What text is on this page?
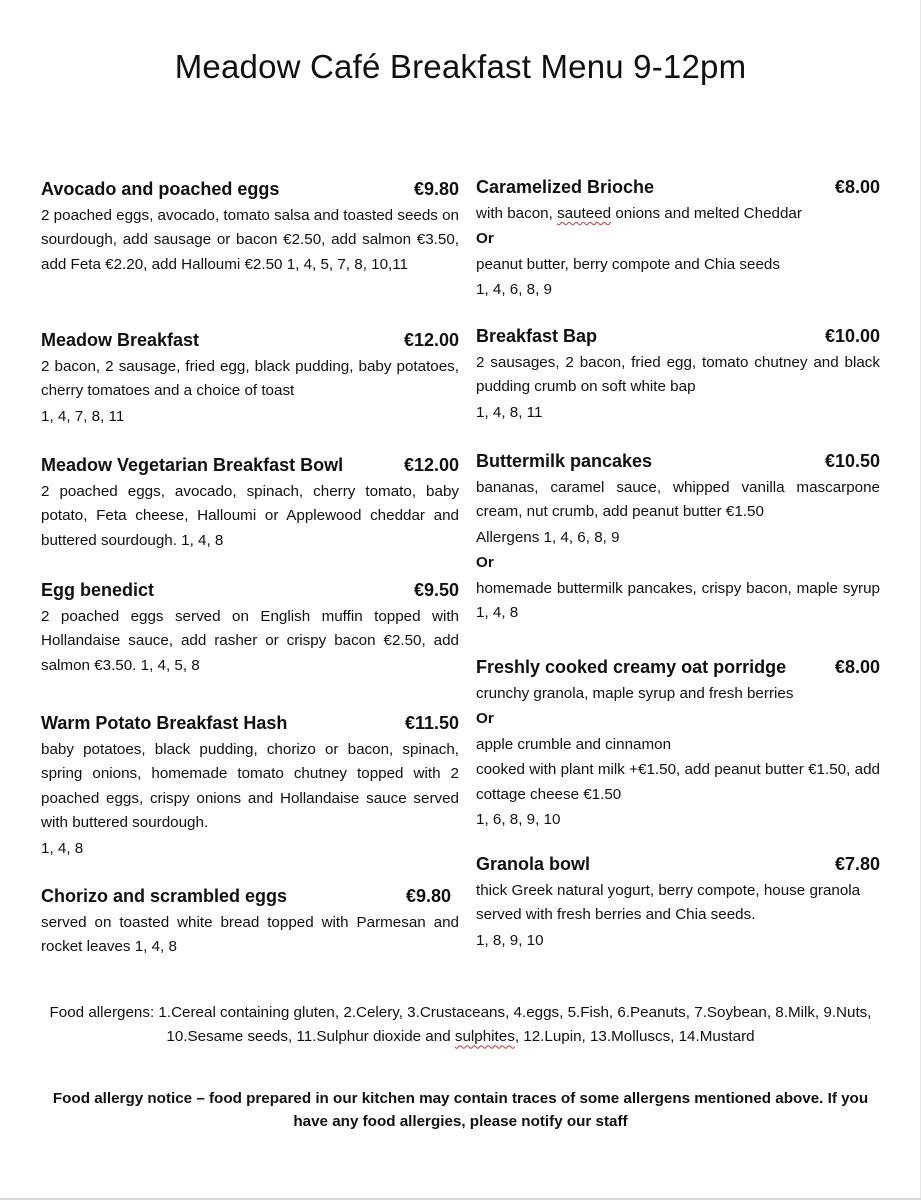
Meadow Café Breakfast Menu 9-12pm
Avocado and poached eggs	€9.80
2 poached eggs, avocado, tomato salsa and toasted seeds on sourdough, add sausage or bacon €2.50, add salmon €3.50, add Feta €2.20, add Halloumi €2.50 1, 4, 5, 7, 8, 10,11
Meadow Breakfast	€12.00
2 bacon, 2 sausage, fried egg, black pudding, baby potatoes, cherry tomatoes and a choice of toast
1, 4, 7, 8, 11
Meadow Vegetarian Breakfast Bowl	€12.00
2 poached eggs, avocado, spinach, cherry tomato, baby potato, Feta cheese, Halloumi or Applewood cheddar and buttered sourdough. 1, 4, 8
Egg benedict	€9.50
2 poached eggs served on English muffin topped with Hollandaise sauce, add rasher or crispy bacon €2.50, add salmon €3.50. 1, 4, 5, 8
Warm Potato Breakfast Hash	€11.50
baby potatoes, black pudding, chorizo or bacon, spinach, spring onions, homemade tomato chutney topped with 2 poached eggs, crispy onions and Hollandaise sauce served with buttered sourdough.
1, 4, 8
Chorizo and scrambled eggs	€9.80
served on toasted white bread topped with Parmesan and rocket leaves 1, 4, 8
Caramelized Brioche	€8.00
with bacon, sauteed onions and melted Cheddar
Or
peanut butter, berry compote and Chia seeds
1, 4, 6, 8, 9
Breakfast Bap	€10.00
2 sausages, 2 bacon, fried egg, tomato chutney and black pudding crumb on soft white bap
1, 4, 8, 11
Buttermilk pancakes	€10.50
bananas, caramel sauce, whipped vanilla mascarpone cream, nut crumb, add peanut butter €1.50
Allergens 1, 4, 6, 8, 9
Or
homemade buttermilk pancakes, crispy bacon, maple syrup 1, 4, 8
Freshly cooked creamy oat porridge	€8.00
crunchy granola, maple syrup and fresh berries
Or
apple crumble and cinnamon
cooked with plant milk +€1.50, add peanut butter €1.50, add cottage cheese €1.50
1, 6, 8, 9, 10
Granola bowl	€7.80
thick Greek natural yogurt, berry compote, house granola served with fresh berries and Chia seeds.
1, 8, 9, 10
Food allergens: 1.Cereal containing gluten, 2.Celery, 3.Crustaceans, 4.eggs, 5.Fish, 6.Peanuts, 7.Soybean, 8.Milk, 9.Nuts, 10.Sesame seeds, 11.Sulphur dioxide and sulphites, 12.Lupin, 13.Molluscs, 14.Mustard
Food allergy notice – food prepared in our kitchen may contain traces of some allergens mentioned above. If you have any food allergies, please notify our staff
